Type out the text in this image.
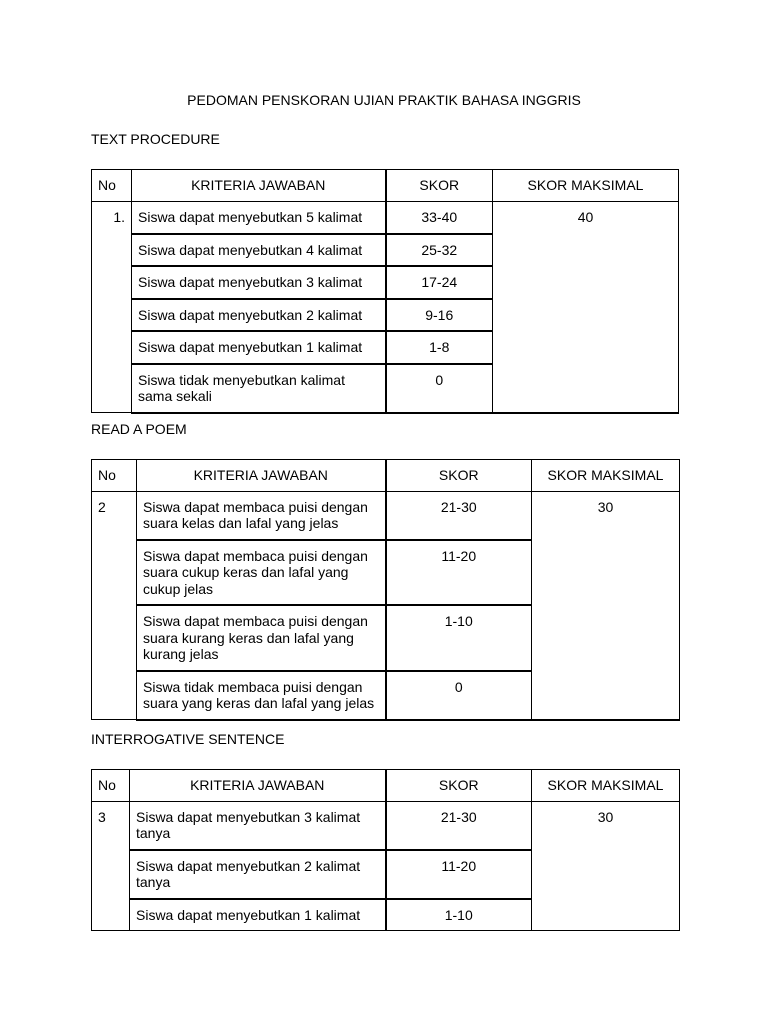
PEDOMAN PENSKORAN UJIAN PRAKTIK BAHASA INGGRIS
TEXT PROCEDURE
No	KRITERIA JAWABAN	SKOR	SKOR MAKSIMAL
1.	Siswa dapat menyebutkan 5 kalimat	33-40	40
	Siswa dapat menyebutkan 4 kalimat	25-32	
	Siswa dapat menyebutkan 3 kalimat	17-24	
	Siswa dapat menyebutkan 2 kalimat	9-16	
	Siswa dapat menyebutkan 1 kalimat	1-8	
	Siswa tidak menyebutkan kalimat sama sekali	0	
READ A POEM
No	KRITERIA JAWABAN	SKOR	SKOR MAKSIMAL
2	Siswa dapat membaca puisi dengan suara kelas dan lafal yang jelas	21-30	30
	Siswa dapat membaca puisi dengan suara cukup keras dan lafal yang cukup jelas	11-20	
	Siswa dapat membaca puisi dengan suara kurang keras dan lafal yang kurang jelas	1-10	
	Siswa tidak membaca puisi dengan suara yang keras dan lafal yang jelas	0	
INTERROGATIVE SENTENCE
No	KRITERIA JAWABAN	SKOR	SKOR MAKSIMAL
3	Siswa dapat menyebutkan 3 kalimat tanya	21-30	30
	Siswa dapat menyebutkan 2 kalimat tanya	11-20	
	Siswa dapat menyebutkan 1 kalimat	1-10	
